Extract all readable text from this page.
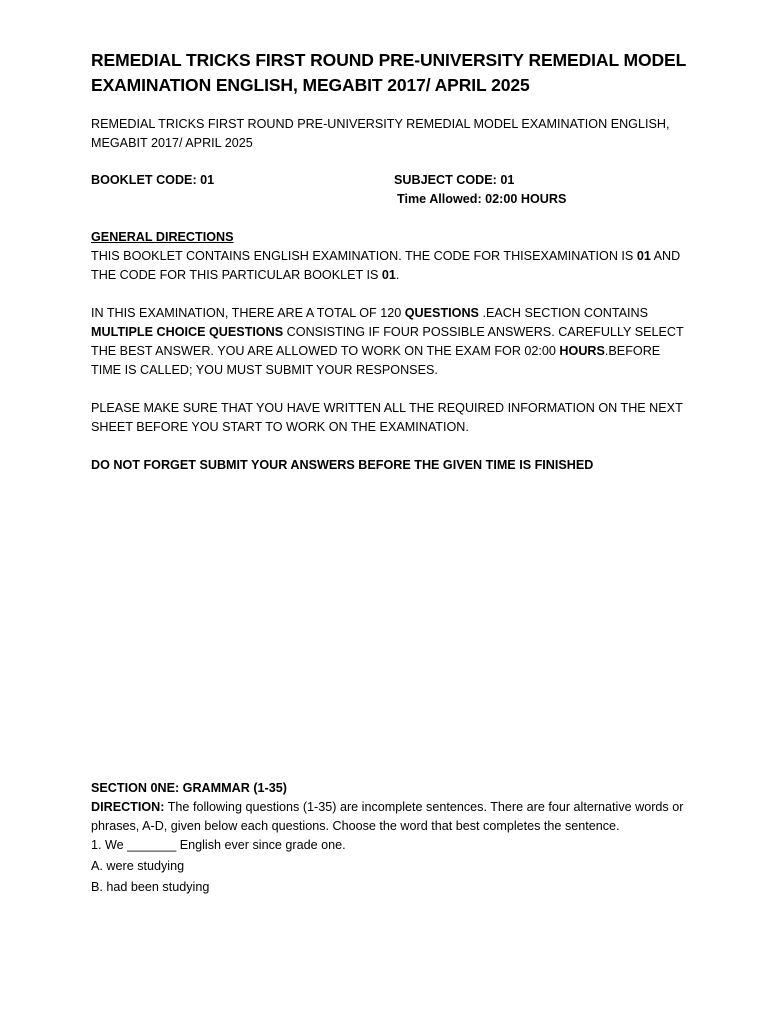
REMEDIAL TRICKS FIRST ROUND PRE-UNIVERSITY REMEDIAL MODEL EXAMINATION ENGLISH, MEGABIT 2017/ APRIL 2025

REMEDIAL TRICKS FIRST ROUND PRE-UNIVERSITY REMEDIAL MODEL EXAMINATION ENGLISH, MEGABIT 2017/ APRIL 2025

BOOKLET CODE: 01	SUBJECT CODE: 01
Time Allowed: 02:00 HOURS

GENERAL DIRECTIONS

THIS BOOKLET CONTAINS ENGLISH EXAMINATION. THE CODE FOR THISEXAMINATION IS 01 AND THE CODE FOR THIS PARTICULAR BOOKLET IS 01.

IN THIS EXAMINATION, THERE ARE A TOTAL OF 120 QUESTIONS .EACH SECTION CONTAINS MULTIPLE CHOICE QUESTIONS CONSISTING IF FOUR POSSIBLE ANSWERS. CAREFULLY SELECT THE BEST ANSWER. YOU ARE ALLOWED TO WORK ON THE EXAM FOR 02:00 HOURS.BEFORE TIME IS CALLED; YOU MUST SUBMIT YOUR RESPONSES.

PLEASE MAKE SURE THAT YOU HAVE WRITTEN ALL THE REQUIRED INFORMATION ON THE NEXT SHEET BEFORE YOU START TO WORK ON THE EXAMINATION.

DO NOT FORGET SUBMIT YOUR ANSWERS BEFORE THE GIVEN TIME IS FINISHED

SECTION 0NE: GRAMMAR (1-35)

DIRECTION: The following questions (1-35) are incomplete sentences. There are four alternative words or phrases, A-D, given below each questions. Choose the word that best completes the sentence.

1. We _______ English ever since grade one.

A. were studying

B. had been studying
